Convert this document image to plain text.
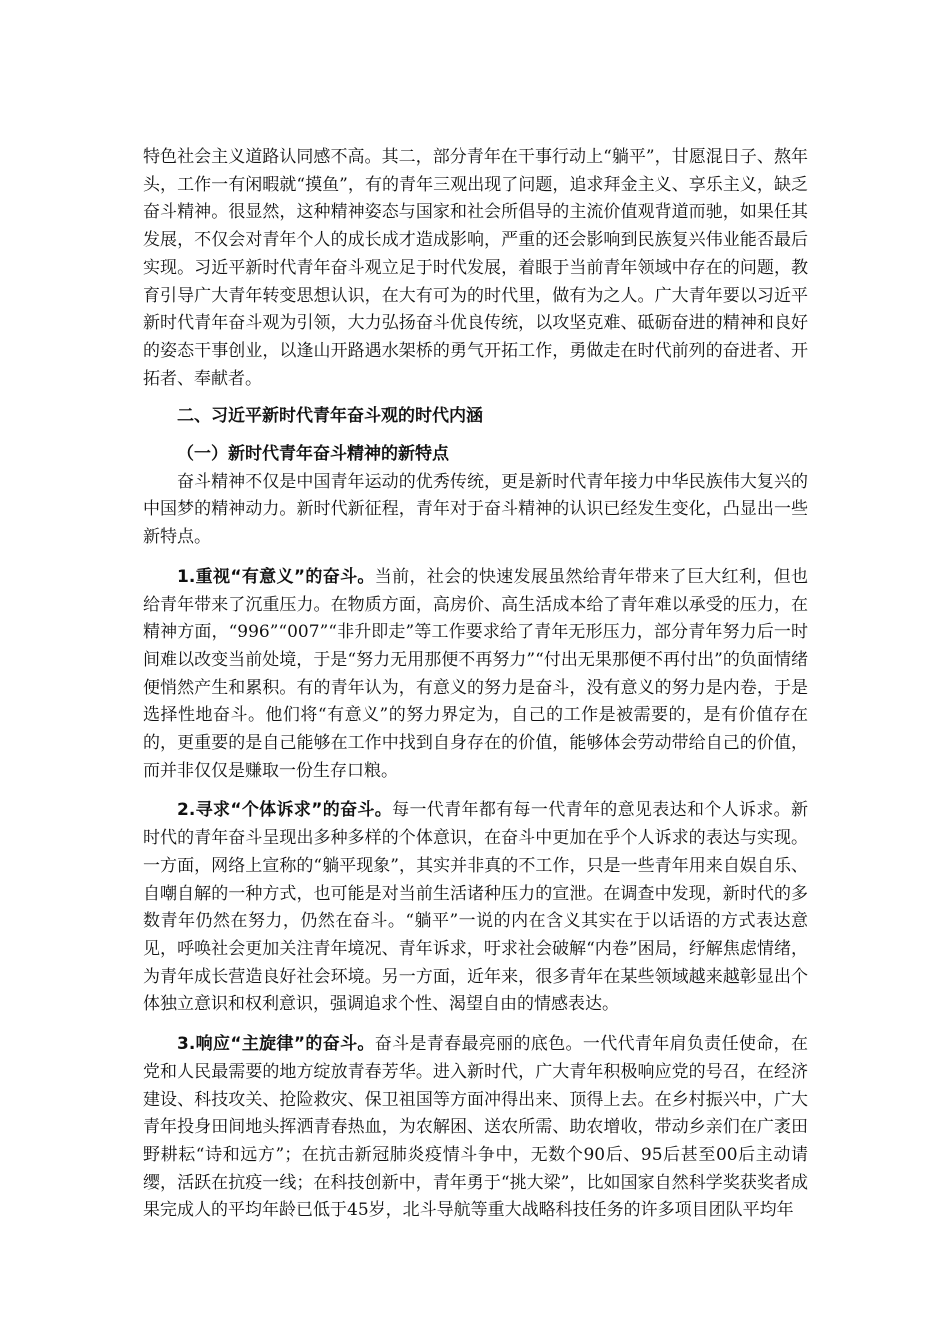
特色社会主义道路认同感不高。其二，部分青年在干事行动上“躺平”，甘愿混日子、熬年头，工作一有闲暇就“摸鱼”，有的青年三观出现了问题，追求拜金主义、享乐主义，缺乏奋斗精神。很显然，这种精神姿态与国家和社会所倡导的主流价值观背道而驰，如果任其发展，不仅会对青年个人的成长成才造成影响，严重的还会影响到民族复兴伟业能否最后实现。习近平新时代青年奋斗观立足于时代发展，着眼于当前青年领域中存在的问题，教育引导广大青年转变思想认识，在大有可为的时代里，做有为之人。广大青年要以习近平新时代青年奋斗观为引领，大力弘扬奋斗优良传统，以攻坚克难、砥砺奋进的精神和良好的姿态干事创业，以逢山开路遇水架桥的勇气开拓工作，勇做走在时代前列的奋进者、开拓者、奉献者。

二、习近平新时代青年奋斗观的时代内涵
（一）新时代青年奋斗精神的新特点

奋斗精神不仅是中国青年运动的优秀传统，更是新时代青年接力中华民族伟大复兴的中国梦的精神动力。新时代新征程，青年对于奋斗精神的认识已经发生变化，凸显出一些新特点。

1.重视“有意义”的奋斗。当前，社会的快速发展虽然给青年带来了巨大红利，但也给青年带来了沉重压力。在物质方面，高房价、高生活成本给了青年难以承受的压力，在精神方面，“996”“007”“非升即走”等工作要求给了青年无形压力，部分青年努力后一时间难以改变当前处境，于是“努力无用那便不再努力”“付出无果那便不再付出”的负面情绪便悄然产生和累积。有的青年认为，有意义的努力是奋斗，没有意义的努力是内卷，于是选择性地奋斗。他们将“有意义”的努力界定为，自己的工作是被需要的，是有价值存在的，更重要的是自己能够在工作中找到自身存在的价值，能够体会劳动带给自己的价值，而并非仅仅是赚取一份生存口粮。

2.寻求“个体诉求”的奋斗。每一代青年都有每一代青年的意见表达和个人诉求。新时代的青年奋斗呈现出多种多样的个体意识，在奋斗中更加在乎个人诉求的表达与实现。一方面，网络上宣称的“躺平现象”，其实并非真的不工作，只是一些青年用来自娱自乐、自嘲自解的一种方式，也可能是对当前生活诸种压力的宣泄。在调查中发现，新时代的多数青年仍然在努力，仍然在奋斗。“躺平”一说的内在含义其实在于以话语的方式表达意见，呼唤社会更加关注青年境况、青年诉求，吁求社会破解“内卷”困局，纾解焦虑情绪，为青年成长营造良好社会环境。另一方面，近年来，很多青年在某些领域越来越彰显出个体独立意识和权利意识，强调追求个性、渴望自由的情感表达。

3.响应“主旋律”的奋斗。奋斗是青春最亮丽的底色。一代代青年肩负责任使命，在党和人民最需要的地方绽放青春芳华。进入新时代，广大青年积极响应党的号召，在经济建设、科技攻关、抢险救灾、保卫祖国等方面冲得出来、顶得上去。在乡村振兴中，广大青年投身田间地头挥洒青春热血，为农解困、送农所需、助农增收，带动乡亲们在广袤田野耕耘“诗和远方”；在抗击新冠肺炎疫情斗争中，无数个90后、95后甚至00后主动请缨，活跃在抗疫一线；在科技创新中，青年勇于“挑大梁”，比如国家自然科学奖获奖者成果完成人的平均年龄已低于45岁，北斗导航等重大战略科技任务的许多项目团队平均年
